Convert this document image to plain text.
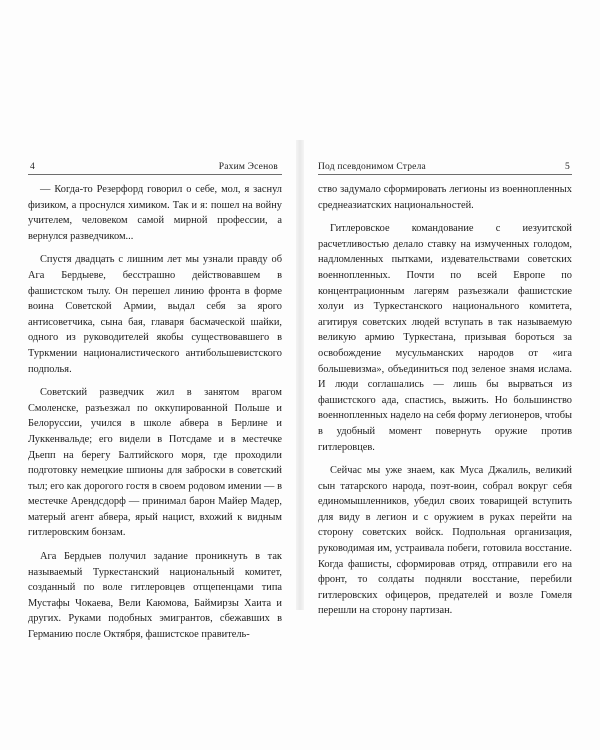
4	Рахим Эсенов

— Когда-то Резерфорд говорил о себе, мол, я заснул физиком, а проснулся химиком. Так и я: пошел на войну учителем, человеком самой мирной профессии, а вернулся разведчиком...

Спустя двадцать с лишним лет мы узнали правду об Ага Бердыеве, бесстрашно действовавшем в фашистском тылу. Он перешел линию фронта в форме воина Советской Армии, выдал себя за ярого антисоветчика, сына бая, главаря басмаческой шайки, одного из руководителей якобы существовавшего в Туркмении националистического антибольшевистского подполья.

Советский разведчик жил в занятом врагом Смоленске, разъезжал по оккупированной Польше и Белоруссии, учился в школе абвера в Берлине и Луккенвальде; его видели в Потсдаме и в местечке Дьепп на берегу Балтийского моря, где проходили подготовку немецкие шпионы для заброски в советский тыл; его как дорогого гостя в своем родовом имении — в местечке Арендсдорф — принимал барон Майер Мадер, матерый агент абвера, ярый нацист, вхожий к видным гитлеровским бонзам.

Ага Бердыев получил задание проникнуть в так называемый Туркестанский национальный комитет, созданный по воле гитлеровцев отщепенцами типа Мустафы Чокаева, Вели Каюмова, Баймирзы Хаита и других. Руками подобных эмигрантов, сбежавших в Германию после Октября, фашистское правитель-

Под псевдонимом Стрела	5

ство задумало сформировать легионы из военнопленных среднеазиатских национальностей.

Гитлеровское командование с иезуитской расчетливостью делало ставку на измученных голодом, надломленных пытками, издевательствами советских военнопленных. Почти по всей Европе по концентрационным лагерям разъезжали фашистские холуи из Туркестанского национального комитета, агитируя советских людей вступать в так называемую великую армию Туркестана, призывая бороться за освобождение мусульманских народов от «ига большевизма», объединиться под зеленое знамя ислама. И люди соглашались — лишь бы вырваться из фашистского ада, спастись, выжить. Но большинство военнопленных надело на себя форму легионеров, чтобы в удобный момент повернуть оружие против гитлеровцев.

Сейчас мы уже знаем, как Муса Джалиль, великий сын татарского народа, поэт-воин, собрал вокруг себя единомышленников, убедил своих товарищей вступить для виду в легион и с оружием в руках перейти на сторону советских войск. Подпольная организация, руководимая им, устраивала побеги, готовила восстание. Когда фашисты, сформировав отряд, отправили его на фронт, то солдаты подняли восстание, перебили гитлеровских офицеров, предателей и возле Гомеля перешли на сторону партизан.
